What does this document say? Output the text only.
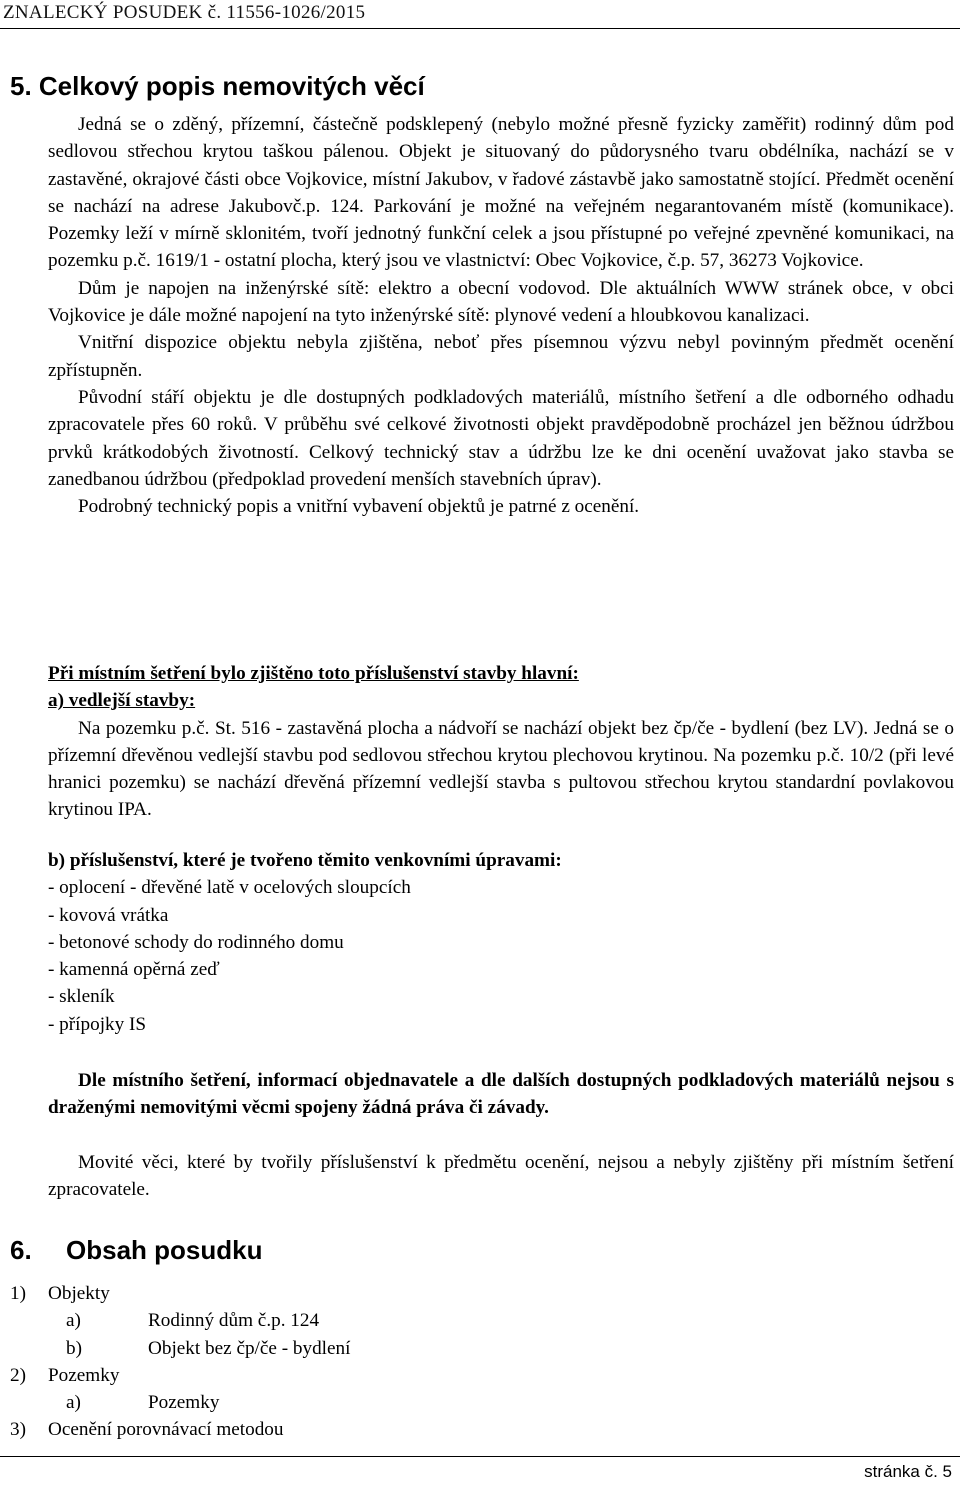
ZNALECKÝ POSUDEK č. 11556-1026/2015
5. Celkový popis nemovitých věcí

Jedná se o zděný, přízemní, částečně podsklepený (nebylo možné přesně fyzicky zaměřit) rodinný dům pod sedlovou střechou krytou taškou pálenou. Objekt je situovaný do půdorysného tvaru obdélníka, nachází se v zastavěné, okrajové části obce Vojkovice, místní Jakubov, v řadové zástavbě jako samostatně stojící. Předmět ocenění se nachází na adrese Jakubovč.p. 124. Parkování je možné na veřejném negarantovaném místě (komunikace). Pozemky leží v mírně sklonitém, tvoří jednotný funkční celek a jsou přístupné po veřejné zpevněné komunikaci, na pozemku p.č. 1619/1 - ostatní plocha, který jsou ve vlastnictví: Obec Vojkovice, č.p. 57, 36273 Vojkovice.

Dům je napojen na inženýrské sítě: elektro a obecní vodovod. Dle aktuálních WWW stránek obce, v obci Vojkovice je dále možné napojení na tyto inženýrské sítě: plynové vedení a hloubkovou kanalizaci.

Vnitřní dispozice objektu nebyla zjištěna, neboť přes písemnou výzvu nebyl povinným předmět ocenění zpřístupněn.

Původní stáří objektu je dle dostupných podkladových materiálů, místního šetření a dle odborného odhadu zpracovatele přes 60 roků. V průběhu své celkové životnosti objekt pravděpodobně procházel jen běžnou údržbou prvků krátkodobých životností. Celkový technický stav a údržbu lze ke dni ocenění uvažovat jako stavba se zanedbanou údržbou (předpoklad provedení menších stavebních úprav).

Podrobný technický popis a vnitřní vybavení objektů je patrné z ocenění.

Při místním šetření bylo zjištěno toto příslušenství stavby hlavní:

a) vedlejší stavby:

Na pozemku p.č. St. 516 - zastavěná plocha a nádvoří se nachází objekt bez čp/če - bydlení (bez LV). Jedná se o přízemní dřevěnou vedlejší stavbu pod sedlovou střechou krytou plechovou krytinou. Na pozemku p.č. 10/2 (při levé hranici pozemku) se nachází dřevěná přízemní vedlejší stavba s pultovou střechou krytou standardní povlakovou krytinou IPA.

b) příslušenství, které je tvořeno těmito venkovními úpravami:

- oplocení - dřevěné latě v ocelových sloupcích

- kovová vrátka

- betonové schody do rodinného domu

- kamenná opěrná zeď

- skleník

- přípojky IS

Dle místního šetření, informací objednavatele a dle dalších dostupných podkladových materiálů nejsou s draženými nemovitými věcmi spojeny žádná práva či závady.

Movité věci, které by tvořily příslušenství k předmětu ocenění, nejsou a nebyly zjištěny při místním šetření zpracovatele.

6. Obsah posudku
1)	Objekty
a)	Rodinný dům č.p. 124
b)	Objekt bez čp/če - bydlení
2)	Pozemky
a)	Pozemky
3)	Ocenění porovnávací metodou
stránka č. 5
